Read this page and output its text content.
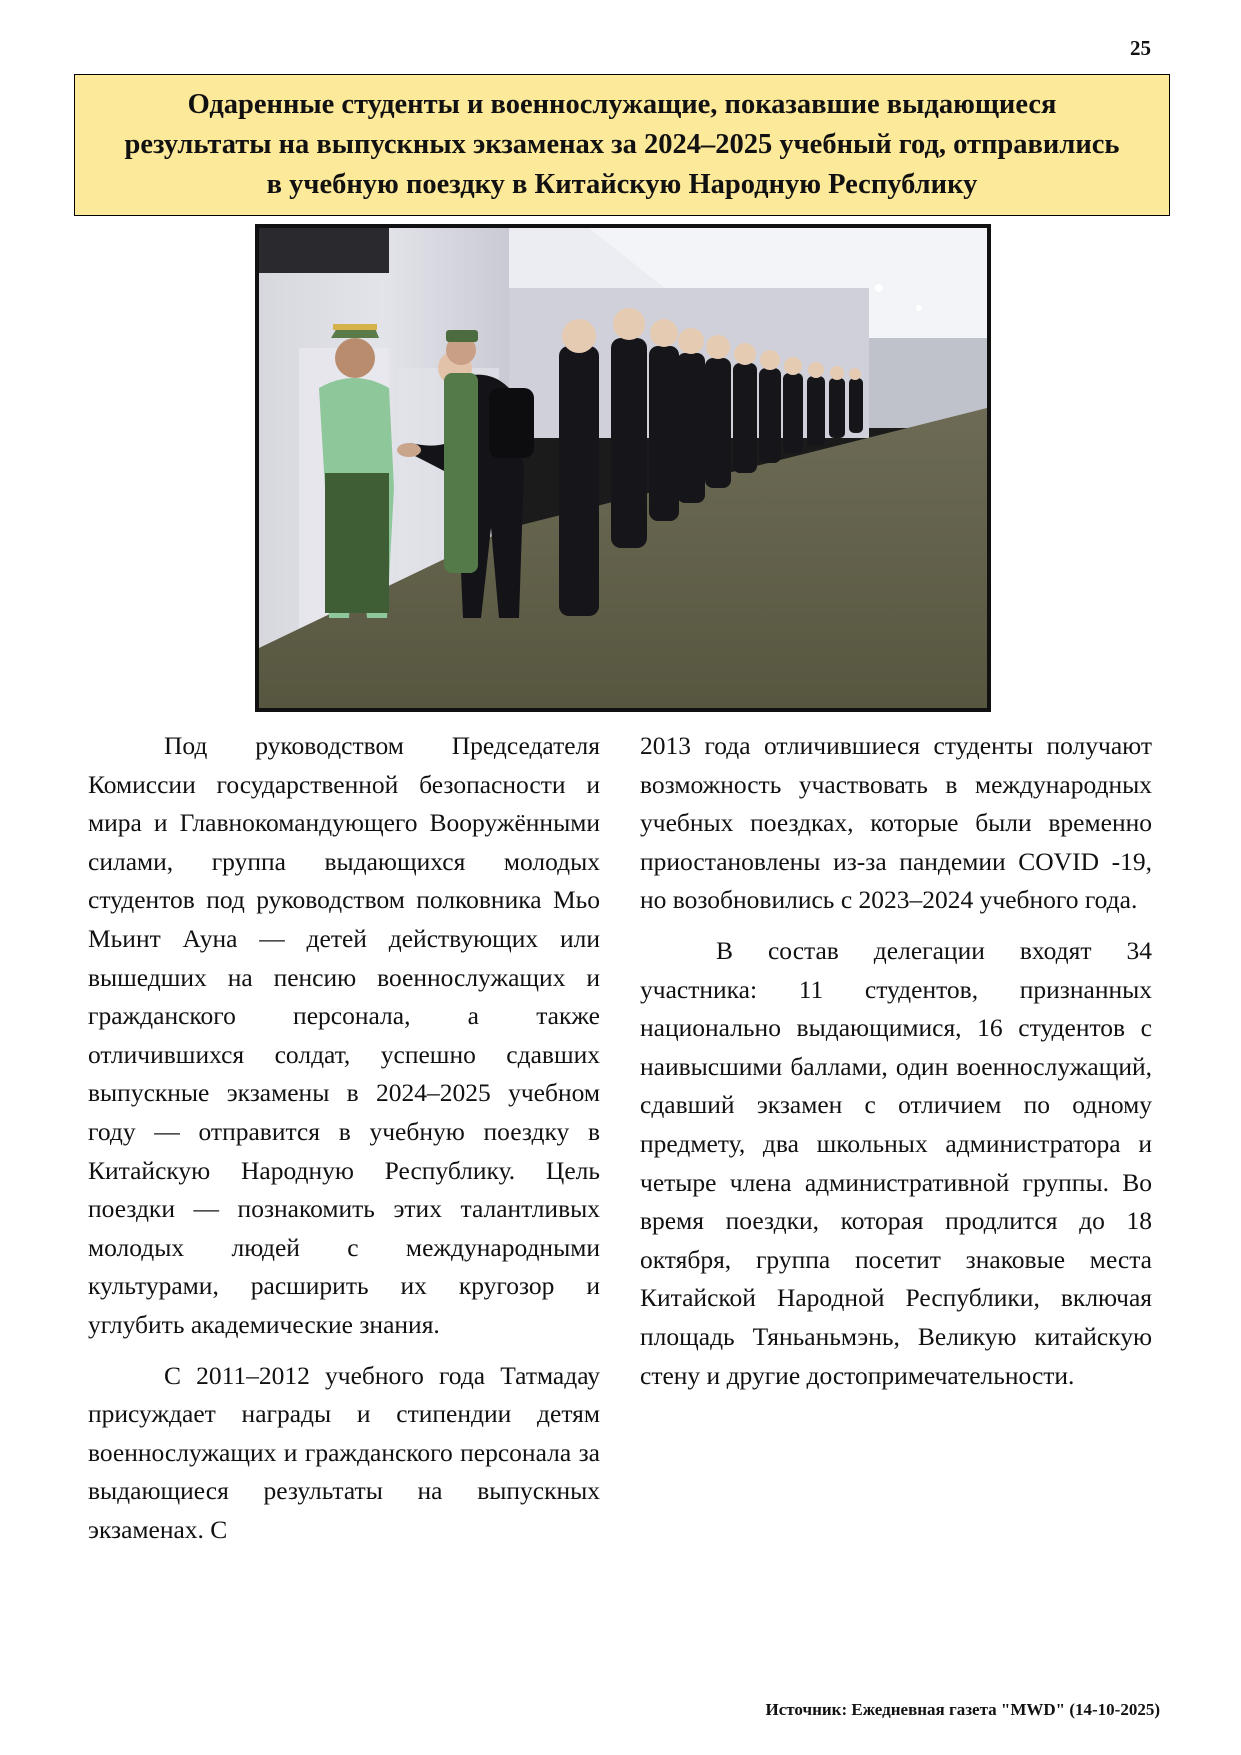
25
Одаренные студенты и военнослужащие, показавшие выдающиеся результаты на выпускных экзаменах за 2024–2025 учебный год, отправились в учебную поездку в Китайскую Народную Республику

Под руководством Председателя Комиссии государственной безопасности и мира и Главнокомандующего Вооружёнными силами, группа выдающихся молодых студентов под руководством полковника Мьо Мьинт Ауна — детей действующих или вышедших на пенсию военнослужащих и гражданского персонала, а также отличившихся солдат, успешно сдавших выпускные экзамены в 2024–2025 учебном году — отправится в учебную поездку в Китайскую Народную Республику. Цель поездки — познакомить этих талантливых молодых людей с международными культурами, расширить их кругозор и углубить академические знания.

С 2011–2012 учебного года Татмадау присуждает награды и стипендии детям военнослужащих и гражданского персонала за выдающиеся результаты на выпускных экзаменах. С

2013 года отличившиеся студенты получают возможность участвовать в международных учебных поездках, которые были временно приостановлены из-за пандемии COVID -19, но возобновились с 2023–2024 учебного года.

В состав делегации входят 34 участника: 11 студентов, признанных национально выдающимися, 16 студентов с наивысшими баллами, один военнослужащий, сдавший экзамен с отличием по одному предмету, два школьных администратора и четыре члена административной группы. Во время поездки, которая продлится до 18 октября, группа посетит знаковые места Китайской Народной Республики, включая площадь Тяньаньмэнь, Великую китайскую стену и другие достопримечательности.

Источник: Ежедневная газета "MWD" (14-10-2025)
